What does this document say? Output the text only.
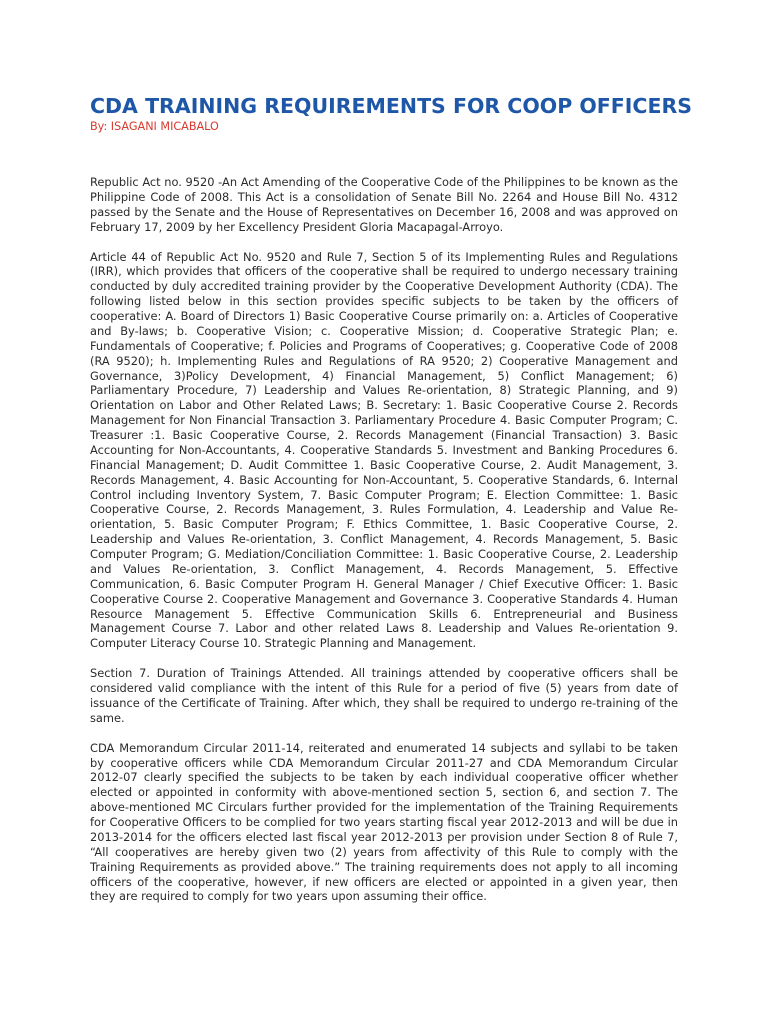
CDA TRAINING REQUIREMENTS FOR COOP OFFICERS

By: ISAGANI MICABALO

Republic Act no. 9520 -An Act Amending of the Cooperative Code of the Philippines to be known as the Philippine Code of 2008. This Act is a consolidation of Senate Bill No. 2264 and House Bill No. 4312 passed by the Senate and the House of Representatives on December 16, 2008 and was approved on February 17, 2009 by her Excellency President Gloria Macapagal-Arroyo.

Article 44 of Republic Act No. 9520 and Rule 7, Section 5 of its Implementing Rules and Regulations (IRR), which provides that officers of the cooperative shall be required to undergo necessary training conducted by duly accredited training provider by the Cooperative Development Authority (CDA). The following listed below in this section provides specific subjects to be taken by the officers of cooperative: A. Board of Directors 1) Basic Cooperative Course primarily on: a. Articles of Cooperative and By-laws; b. Cooperative Vision; c. Cooperative Mission; d. Cooperative Strategic Plan; e. Fundamentals of Cooperative; f. Policies and Programs of Cooperatives; g. Cooperative Code of 2008 (RA 9520); h. Implementing Rules and Regulations of RA 9520; 2) Cooperative Management and Governance, 3)Policy Development, 4) Financial Management, 5) Conflict Management; 6) Parliamentary Procedure, 7) Leadership and Values Re-orientation, 8) Strategic Planning, and 9) Orientation on Labor and Other Related Laws; B. Secretary: 1. Basic Cooperative Course 2. Records Management for Non Financial Transaction 3. Parliamentary Procedure 4. Basic Computer Program; C. Treasurer :1. Basic Cooperative Course, 2. Records Management (Financial Transaction) 3. Basic Accounting for Non-Accountants, 4. Cooperative Standards 5. Investment and Banking Procedures 6. Financial Management; D. Audit Committee 1. Basic Cooperative Course, 2. Audit Management, 3. Records Management, 4. Basic Accounting for Non-Accountant, 5. Cooperative Standards, 6. Internal Control including Inventory System, 7. Basic Computer Program; E. Election Committee: 1. Basic Cooperative Course, 2. Records Management, 3. Rules Formulation, 4. Leadership and Value Re-orientation, 5. Basic Computer Program; F. Ethics Committee, 1. Basic Cooperative Course, 2. Leadership and Values Re-orientation, 3. Conflict Management, 4. Records Management, 5. Basic Computer Program; G. Mediation/Conciliation Committee: 1. Basic Cooperative Course, 2. Leadership and Values Re-orientation, 3. Conflict Management, 4. Records Management, 5. Effective Communication, 6. Basic Computer Program H. General Manager / Chief Executive Officer: 1. Basic Cooperative Course 2. Cooperative Management and Governance 3. Cooperative Standards 4. Human Resource Management 5. Effective Communication Skills 6. Entrepreneurial and Business Management Course 7. Labor and other related Laws 8. Leadership and Values Re-orientation 9. Computer Literacy Course 10. Strategic Planning and Management.

Section 7. Duration of Trainings Attended. All trainings attended by cooperative officers shall be considered valid compliance with the intent of this Rule for a period of five (5) years from date of issuance of the Certificate of Training. After which, they shall be required to undergo re-training of the same.

CDA Memorandum Circular 2011-14, reiterated and enumerated 14 subjects and syllabi to be taken by cooperative officers while CDA Memorandum Circular 2011-27 and CDA Memorandum Circular 2012-07 clearly specified the subjects to be taken by each individual cooperative officer whether elected or appointed in conformity with above-mentioned section 5, section 6, and section 7. The above-mentioned MC Circulars further provided for the implementation of the Training Requirements for Cooperative Officers to be complied for two years starting fiscal year 2012-2013 and will be due in 2013-2014 for the officers elected last fiscal year 2012-2013 per provision under Section 8 of Rule 7, “All cooperatives are hereby given two (2) years from affectivity of this Rule to comply with the Training Requirements as provided above.” The training requirements does not apply to all incoming officers of the cooperative, however, if new officers are elected or appointed in a given year, then they are required to comply for two years upon assuming their office.
